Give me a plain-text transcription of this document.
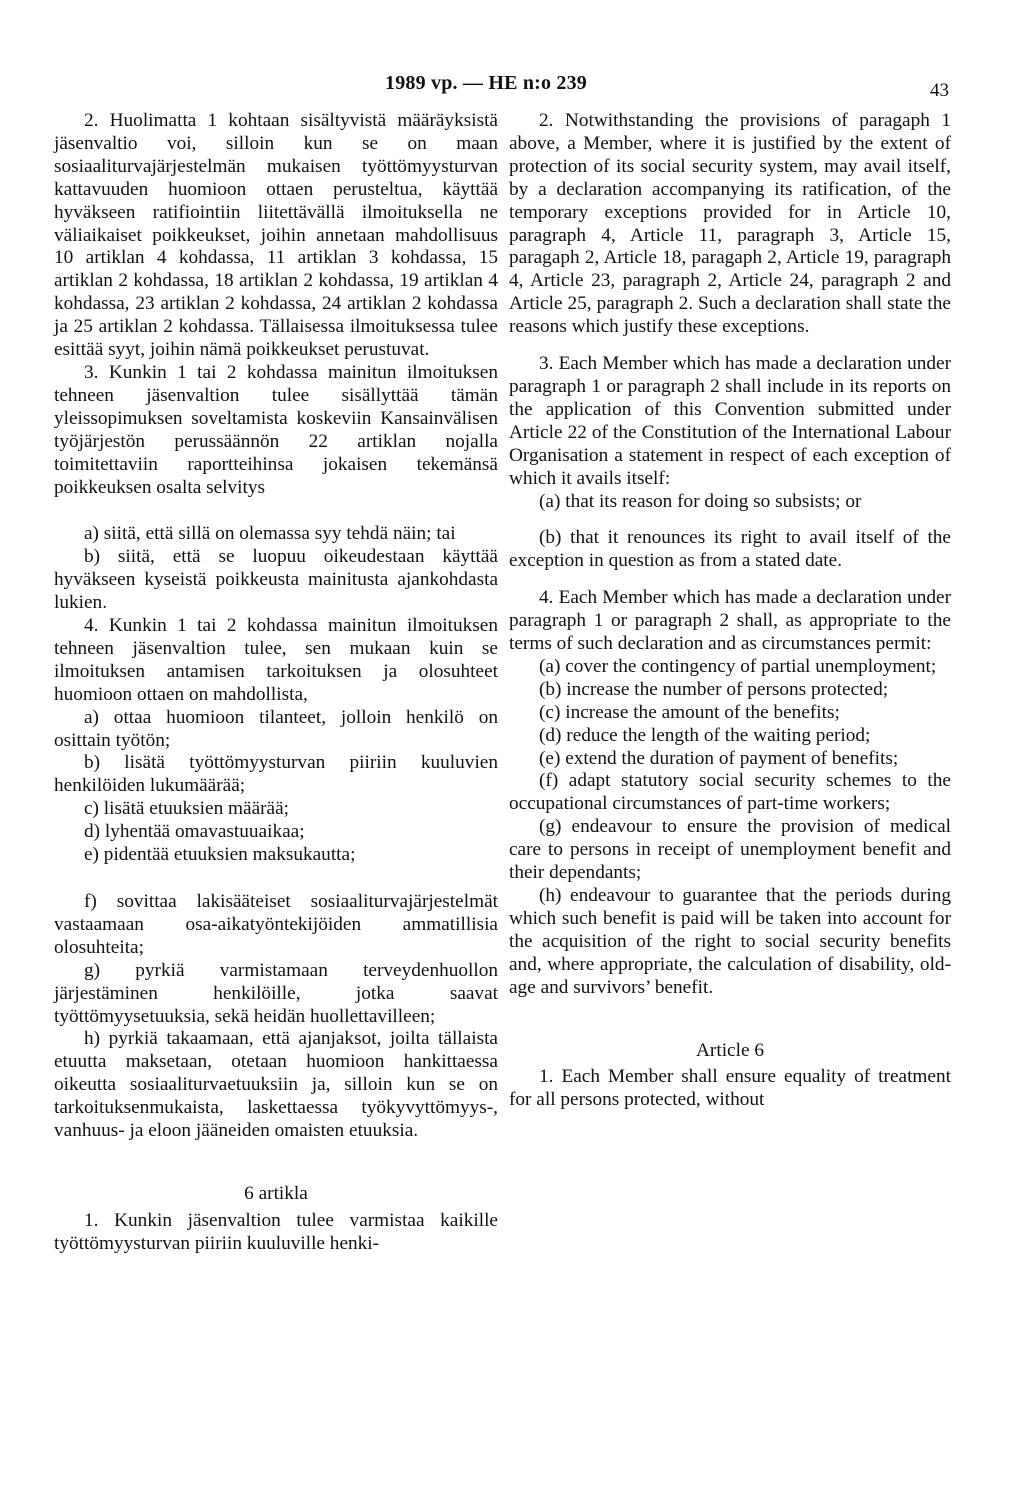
1989 vp. — HE n:o 239	43

2. Huolimatta 1 kohtaan sisältyvistä määräyksistä jäsenvaltio voi, silloin kun se on maan sosiaaliturvajärjestelmän mukaisen työttömyysturvan kattavuuden huomioon ottaen perusteltua, käyttää hyväkseen ratifiointiin liitettävällä ilmoituksella ne väliaikaiset poikkeukset, joihin annetaan mahdollisuus 10 artiklan 4 kohdassa, 11 artiklan 3 kohdassa, 15 artiklan 2 kohdassa, 18 artiklan 2 kohdassa, 19 artiklan 4 kohdassa, 23 artiklan 2 kohdassa, 24 artiklan 2 kohdassa ja 25 artiklan 2 kohdassa. Tällaisessa ilmoituksessa tulee esittää syyt, joihin nämä poikkeukset perustuvat.

3. Kunkin 1 tai 2 kohdassa mainitun ilmoituksen tehneen jäsenvaltion tulee sisällyttää tämän yleissopimuksen soveltamista koskeviin Kansainvälisen työjärjestön perussäännön 22 artiklan nojalla toimitettaviin raportteihinsa jokaisen tekemänsä poikkeuksen osalta selvitys

a) siitä, että sillä on olemassa syy tehdä näin; tai

b) siitä, että se luopuu oikeudestaan käyttää hyväkseen kyseistä poikkeusta mainitusta ajankohdasta lukien.

4. Kunkin 1 tai 2 kohdassa mainitun ilmoituksen tehneen jäsenvaltion tulee, sen mukaan kuin se ilmoituksen antamisen tarkoituksen ja olosuhteet huomioon ottaen on mahdollista,

a) ottaa huomioon tilanteet, jolloin henkilö on osittain työtön;

b) lisätä työttömyysturvan piiriin kuuluvien henkilöiden lukumäärää;

c) lisätä etuuksien määrää;

d) lyhentää omavastuuaikaa;

e) pidentää etuuksien maksukautta;

f) sovittaa lakisääteiset sosiaaliturvajärjestelmät vastaamaan osa-aikatyöntekijöiden ammatillisia olosuhteita;

g) pyrkiä varmistamaan terveydenhuollon järjestäminen henkilöille, jotka saavat työttömyysetuuksia, sekä heidän huollettavilleen;

h) pyrkiä takaamaan, että ajanjaksot, joilta tällaista etuutta maksetaan, otetaan huomioon hankittaessa oikeutta sosiaaliturvaetuuksiin ja, silloin kun se on tarkoituksenmukaista, laskettaessa työkyvyttömyys-, vanhuus- ja eloon jääneiden omaisten etuuksia.

6 artikla

1. Kunkin jäsenvaltion tulee varmistaa kaikille työttömyysturvan piiriin kuuluville henki-

2. Notwithstanding the provisions of paragaph 1 above, a Member, where it is justified by the extent of protection of its social security system, may avail itself, by a declaration accompanying its ratification, of the temporary exceptions provided for in Article 10, paragraph 4, Article 11, paragraph 3, Article 15, paragaph 2, Article 18, paragaph 2, Article 19, paragraph 4, Article 23, paragraph 2, Article 24, paragraph 2 and Article 25, paragraph 2. Such a declaration shall state the reasons which justify these exceptions.

3. Each Member which has made a declaration under paragraph 1 or paragraph 2 shall include in its reports on the application of this Convention submitted under Article 22 of the Constitution of the International Labour Organisation a statement in respect of each exception of which it avails itself:

(a) that its reason for doing so subsists; or

(b) that it renounces its right to avail itself of the exception in question as from a stated date.

4. Each Member which has made a declaration under paragraph 1 or paragraph 2 shall, as appropriate to the terms of such declaration and as circumstances permit:

(a) cover the contingency of partial unemployment;

(b) increase the number of persons protected;

(c) increase the amount of the benefits;

(d) reduce the length of the waiting period;

(e) extend the duration of payment of benefits;

(f) adapt statutory social security schemes to the occupational circumstances of part-time workers;

(g) endeavour to ensure the provision of medical care to persons in receipt of unemployment benefit and their dependants;

(h) endeavour to guarantee that the periods during which such benefit is paid will be taken into account for the acquisition of the right to social security benefits and, where appropriate, the calculation of disability, old-age and survivors’ benefit.

Article 6

1. Each Member shall ensure equality of treatment for all persons protected, without
